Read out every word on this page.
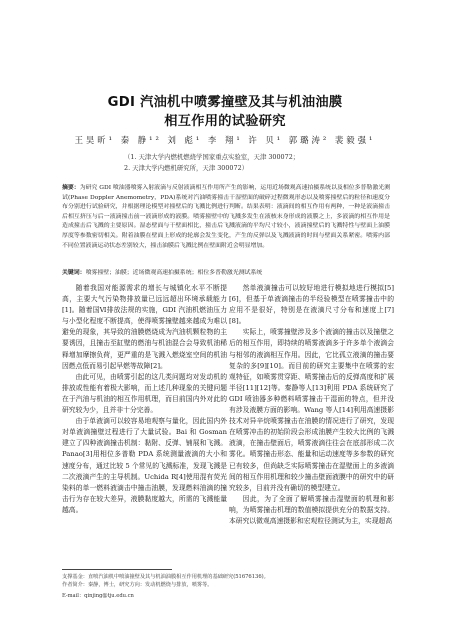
GDI 汽油机中喷雾撞壁及其与机油油膜
相互作用的试验研究
王昊昕¹ 秦 静¹² 刘 彪¹ 李 翔¹ 许 贝¹ 郭璐涛² 裴毅强¹
（1. 天津大学内燃机燃烧学国家重点实验室，天津 300072；
2. 天津大学内燃机研究所，天津 300072）
摘要：为研究 GDI 喷油器喷雾入射液滴与反射液滴相互作用所产生的影响，运用近场微观高速拍摄系统以及相位多普勒激光测试(Phase Doppler Anemometry，PDA)系统对汽油喷雾撞击干湿壁面的破碎过程微观形态以及喷雾撞壁后的粒径和速度分布分别进行试验研究，并根据理论模型对撞壁后的飞溅比例进行判断。结果表明：液滴间的相互作用有两种，一种是液滴撞击后相互挤压与后一液滴撞击前一液滴形成的液膜。喷雾撞壁中的飞溅多发生在液核末身形成的液膜之上，多液滴的相互作用是造成撞击后飞溅的主要原因。湿态壁面与干壁面相比，撞击后飞溅液滴的平均尺寸较小，液滴撞壁后的飞溅特性与壁面上油膜厚度等参数密切相关。附着油膜在壁面上形成的轮廓会发生变化，产生的反弹以及飞溅液滴的时间与壁面关系紧密。喷雾内部不同位置液滴运动状态差别较大，撞击油膜后飞溅比例在壁面附近会明显增加。
关键词：喷雾撞壁；油膜；近场微观高速拍摄系统；相位多普勒激光测试系统

随着我国对能源需求的增长与城镇化水平不断提高，主要大气污染物排放量已远远超出环境承载能力[1]。随着国Ⅵ排放法规的实施，GDI 汽油机燃油压力与小型化程度不断提高，使得喷雾撞壁越来越成为难以避免的现象，其导致的油膜燃烧成为汽油机颗粒物的主要诱因，且撞击至缸壁的燃油与机油混合会导致机油稀释增加摩擦负荷，更严重的是飞溅入燃烧室空间的机油因燃点低而易引起早燃等故障[2]。

由此可见，由喷雾引起的这几类问题均对发动机的排放或性能有着极大影响，而上述几种现象的关键问题在于汽油与机油的相互作用机理，而目前国内外对此的研究较为少，且并非十分完善。

由于单液滴可以较容易地观察与量化，因此国内外对单液滴撞壁过程进行了大量试验。Bai 和 Gosman 建立了四种液滴撞击机制：黏附、反弹、铺展和飞溅。Panao[3]用相位多普勒 PDA 系统测量液滴的大小和速度分布，通过比较 5 个常见的飞溅标准，发现飞溅是二次液滴产生的主导机制。Uchida R[4]使用混有荧光染料的单一燃料液滴击中撞击油膜，发现燃料油滴的撞击行为存在较大差异，液膜黏度越大，所需的飞溅能量越高。

然单液滴撞击可以较好地进行模拟地进行模拟[5][6]，但基于单液滴撞击的半经验模型在喷雾撞击中的应用不是很好，特别是在液滴尺寸分布和速度上[7][8]。

实际上，喷雾撞壁涉及多个液滴的撞击以及撞壁之后的相互作用，即持续的喷雾液滴多于许多单个液滴会与相邻的液滴相互作用。因此，它比孤立液滴的撞击要复杂的多[9][10]。而目前的研究主要集中在喷雾的宏观特征，如喷雾贯穿距、喷雾撞击后的反弹高度和扩展半径[11][12]等。秦静等人[13]利用 PDA 系统研究了 GDI 喷油器多种燃料喷雾撞击干湿面的特点，但并没有涉及液膜方面的影响。Wang 等人[14]利用高速摄影技术对异辛烷喷雾撞击在油膜的情况进行了研究，发现在喷雾冲击的初始阶段会形成油膜产生较大比例的飞溅液滴，在撞击壁面后，喷雾液滴往往会在底部形成二次雾化。喷雾撞击形态、能量和运动速度等多参数的研究已有较多，但尚缺乏实际喷雾撞击在湿壁面上的多液滴间的相互作用机理和较少撞击壁面液膜中的研究中的研究较多，目前并没有确切的模型建立。

因此，为了全面了解喷雾撞击湿壁面的机理和影响，为喷雾撞击机理的数值模拟提供充分的数据支持。本研究以微观高速摄影和宏观粒径测试为主，实现超高

支撑基金：直喷汽油机中喷油撞壁及其与机油油膜相互作用机理的基础研究(51676136)。
作者简介：秦静，博士，研究方向：发动机燃烧与排放，喷雾等。
E-mail：qinjing@tju.edu.cn
